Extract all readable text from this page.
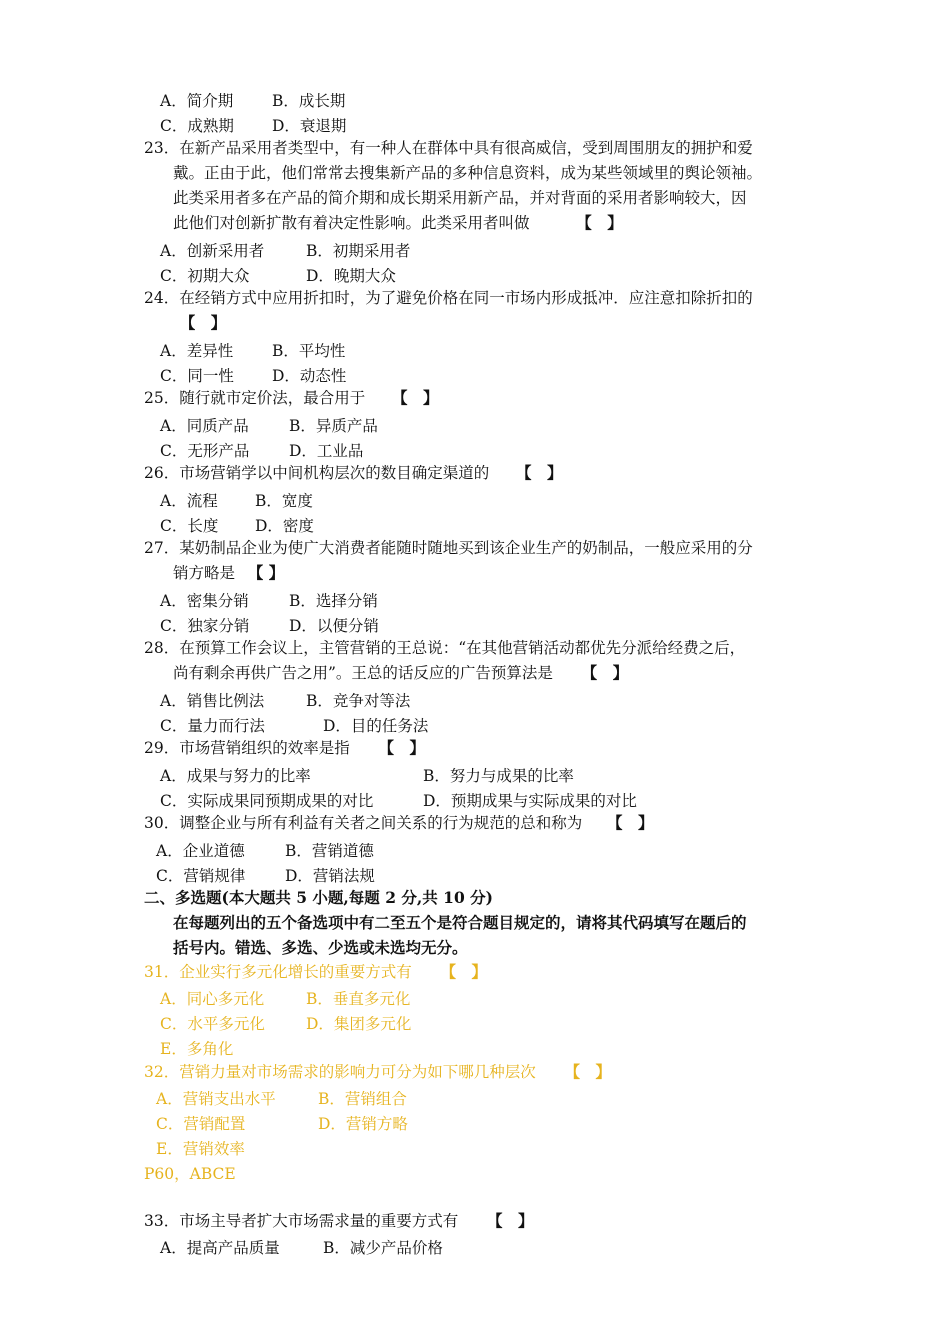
A．简介期	B．成长期
C．成熟期 D．衰退期
23．在新产品采用者类型中，有一种人在群体中具有很高威信，受到周围朋友的拥护和爱
戴。正由于此，他们常常去搜集新产品的多种信息资料，成为某些领域里的舆论领袖。
此类采用者多在产品的简介期和成长期采用新产品，并对背面的采用者影响较大，因
此他们对创新扩散有着决定性影响。此类采用者叫做	【　 】
A．创新采用者	B．初期采用者
C．初期大众	D．晚期大众
24．在经销方式中应用折扣时，为了避免价格在同一市场内形成抵冲．应注意扣除折扣的
【　 】
A．差异性	B．平均性
C．同一性 D．动态性
25．随行就市定价法，最合用于 【　 】
A．同质产品	B．异质产品
C．无形产品	D．工业品
26．市场营销学以中间机构层次的数目确定渠道的 【　 】
A．流程 B．宽度
C．长度 D．密度
27．某奶制品企业为使广大消费者能随时随地买到该企业生产的奶制品，一般应采用的分
销方略是 【 】
A．密集分销	B．选择分销
C．独家分销	D．以便分销
28．在预算工作会议上，主管营销的王总说：“在其他营销活动都优先分派给经费之后，
尚有剩余再供广告之用”。王总的话反应的广告预算法是 【　 】
A．销售比例法	B．竞争对等法
C．量力而行法	D．目的任务法
29．市场营销组织的效率是指 【　 】
A．成果与努力的比率	B．努力与成果的比率
C．实际成果同预期成果的对比	D．预期成果与实际成果的对比
30．调整企业与所有利益有关者之间关系的行为规范的总和称为 【　 】
A．企业道德	B．营销道德
C．营销规律	D．营销法规
二、多选题(本大题共 5 小题,每题 2 分,共 10 分)
在每题列出的五个备选项中有二至五个是符合题目规定的，请将其代码填写在题后的
括号内。错选、多选、少选或未选均无分。
31．企业实行多元化增长的重要方式有 【　 】
A．同心多元化	B．垂直多元化
C．水平多元化	D．集团多元化
E．多角化
32．营销力量对市场需求的影响力可分为如下哪几种层次 【　 】
A．营销支出水平	B．营销组合
C．营销配置	D．营销方略
E．营销效率
P60，ABCE
33．市场主导者扩大市场需求量的重要方式有 【　 】
A．提高产品质量	B．减少产品价格
